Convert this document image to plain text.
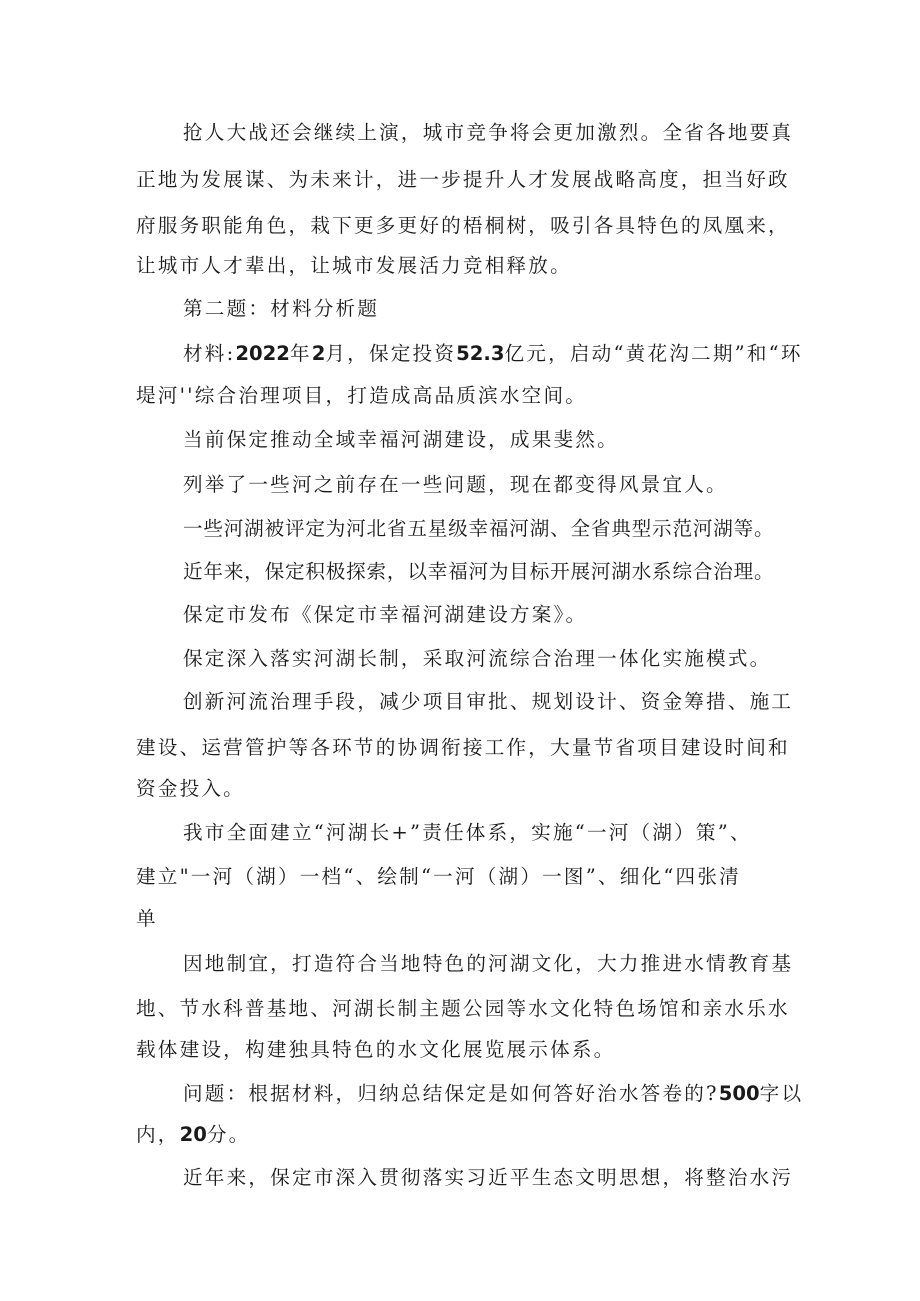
抢人大战还会继续上演，城市竞争将会更加激烈。全省各地要真
正地为发展谋、为未来计，进一步提升人才发展战略高度，担当好政
府服务职能角色，栽下更多更好的梧桐树，吸引各具特色的凤凰来，
让城市人才辈出，让城市发展活力竞相释放。
第二题：材料分析题
材料:2022年2月，保定投资52.3亿元，启动“黄花沟二期”和“环
堤河''综合治理项目，打造成高品质滨水空间。
当前保定推动全域幸福河湖建设，成果斐然。
列举了一些河之前存在一些问题，现在都变得风景宜人。
一些河湖被评定为河北省五星级幸福河湖、全省典型示范河湖等。
近年来，保定积极探索，以幸福河为目标开展河湖水系综合治理。
保定市发布《保定市幸福河湖建设方案》。
保定深入落实河湖长制，采取河流综合治理一体化实施模式。
创新河流治理手段，减少项目审批、规划设计、资金筹措、施工
建设、运营管护等各环节的协调衔接工作，大量节省项目建设时间和
资金投入。
我市全面建立“河湖长+”责任体系，实施“一河（湖）策”、
建立"一河（湖）一档“、绘制“一河（湖）一图”、细化“四张清
单
因地制宜，打造符合当地特色的河湖文化，大力推进水情教育基
地、节水科普基地、河湖长制主题公园等水文化特色场馆和亲水乐水
载体建设，构建独具特色的水文化展览展示体系。
问题：根据材料，归纳总结保定是如何答好治水答卷的?500字以
内，20分。
近年来，保定市深入贯彻落实习近平生态文明思想，将整治水污
